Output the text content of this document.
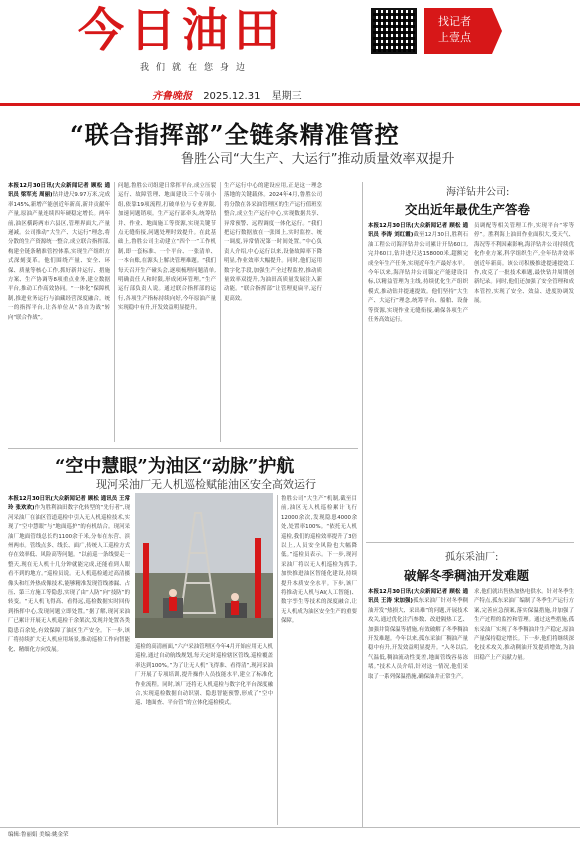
今日油田
我们就在您身边
找记者
上壹点
齐鲁晚报 2025.12.31 星期三
“联合指挥部”全链条精准管控
鲁胜公司“大生产、大运行”推动质量效率双提升
本报12月30日讯(大众新闻记者 顾松 通讯员 梁军光 周丽)钻井进尺9.97万米,完成率145%,新增产能创近年新高,新井贡献年产量,原油产量连续四年硬稳定增长。两年前,油区横跨两市六县区,管理界面大,产量递减。公司推动“大生产、大运行”理念,将分散的生产资源统一整合,成立联合指挥部,构建全链条精准管控体系,实现生产组织方式深刻变革。他们围绕产量、安全、环保、质量等核心工作,抓好新井运行、措施方案、生产协调等8项重点业务,建立数据平台,推动工作高效协同。“一体化”保障机制,推进业务运行与油藏经营深度融合。统一的指挥平台,让各单位从“各自为战”转向“联合作战”。
问题,鲁胜公司组建日常挥平台,成立压裂运行、故障管理、地面建设三个专项小组,依靠19项流程,打破单位与专业界限,加速问题销项。生产运行部牵头,统筹钻井、作业、地面施工等资源,实现关键节点无缝衔接,问题处理时效提升。在此基础上,鲁胜公司主动建立“四个一”工作机制,即一套标准、一个平台、一张清单、一本台账,在源头上解决管理难题。“我们每天召开生产碰头会,逐项梳理问题清单,明确责任人和时限,形成闭环管理。”生产运行部负责人说。通过联合指挥部的运行,各项生产指标持续向好,今年原油产量实现稳中有升,开发效益明显提升。
生产运行中心的建设应用,正是这一理念落地的关键载体。2024年4月,鲁胜公司将分散在各采油管理区的生产运行值班室整合,成立生产运行中心,实现数据共享、异常预警、远程调度一体化运行。“我们把运行数据放在一张图上,实时监控、统一调度,异常情况第一时间处置。”中心负责人介绍,中心运行以来,设备故障率下降明显,作业效率大幅提升。同时,他们运用数字化手段,加强生产全过程监控,推动质量效率双提升,为油田高质量发展注入新动能。“联合指挥部”让管理更扁平,运行更高效。
“空中慧眼”为油区“动脉”护航
现河采油厂无人机巡检赋能油区安全高效运行
本报12月30日讯(大众新闻记者 顾松 通讯员 王常玲 张欢欢)作为胜利油田数字化转型的“先行者”,现河采油厂在油区管道巡检中引入无人机巡检技术,实现了“空中慧眼”与“地面巡护”的有机结合。现河采油厂地面管线总长约1100余千米,分布在东营、滨州两市。管线点多、线长、面广,传统人工巡检方式存在效率低、风险高等问题。“以前巡一条线要走一整天,现在无人机十几分钟就能完成,还能看到人眼看不到的地方。”巡检员说。无人机巡检通过高清摄像头和红外热成像技术,能够精准发现管线渗漏、占压、第三方施工等隐患,实现了由“人防”向“技防”的转变。“无人机飞得高、看得远,巡检数据实时回传到指挥中心,发现问题立即处置。”据了解,现河采油厂已累计开展无人机巡检千余架次,发现并处置各类隐患百余处,有效保障了油区生产安全。下一步,该厂将持续扩大无人机应用场景,推动巡检工作向智能化、精细化方向发展。	巡检的高清画面,“六户采油管理区今年4月开始应用无人机巡检,通过自动航线规划,每天定时巡检辖区管线,巡检覆盖率达到100%。”为了让无人机“飞得准、看得清”,现河采油厂开展了专项培训,提升操作人员技能水平,建立了标准化作业流程。同时,该厂还将无人机巡检与数字化平台深度融合,实现巡检数据自动识别、隐患智能预警,形成了“空中巡、地面查、平台管”的立体化巡检模式。
鲁胜公司“大生产”机制,截至目前,油区无人机巡检累计飞行12000余次,发现隐患4000余处,处置率100%。“依托无人机巡检,我们的巡检效率提升了3倍以上,人员安全风险也大幅降低。”巡检员表示。下一步,现河采油厂将以无人机巡检为抓手,加快推进油区智能化建设,持续提升本质安全水平。下步,该厂将推动无人机与AI(人工智能)、数字孪生等技术的深度融合,让无人机成为油区安全生产的重要保障。
海洋钻井公司:
交出近年最优生产答卷
本报12月30日讯(大众新闻记者 顾松 通讯员 李涛 刘红霞)截至12月30日,胜利石油工程公司海洋钻井公司累计开钻60口,完井60口,钻井进尺达158000米,超额完成全年生产任务,实现近年生产最好水平。今年以来,海洋钻井公司锚定产能建设目标,以精益管理为主线,持续优化生产组织模式,推动钻井提速提效。他们坚持“大生产、大运行”理念,统筹平台、船舶、设备等资源,实现作业无缝衔接,确保各项生产任务高效运行。
员调配等相关管理工作,实现平台“零等停”。胜利海上油田作业面积大,受天气、海况等不利因素影响,海洋钻井公司持续优化作业方案,科学组织生产,全年钻井效率创近年新高。该公司积极推进提速提效工作,攻克了一批技术难题,最快钻井周期创新纪录。同时,他们还加强了安全管理和成本管控,实现了安全、效益、进度协调发展。
孤东采油厂:
破解冬季稠油开发难题
本报12月30日讯(大众新闻记者 顾松 通讯员 王涛 宋加强)孤东采油厂针对冬季稠油开发“热损大、采出难”的问题,开展技术攻关,通过优化注汽参数、改进隔热工艺、加强井筒保温等措施,有效破解了冬季稠油开发难题。今年以来,孤东采油厂稠油产量稳中有升,开发效益明显提升。“入冬以后,气温低,稠油流动性变差,地面管线容易冻堵。”技术人员介绍,针对这一情况,他们采取了一系列保温措施,确保油井正常生产。
求,他们就出售热加热电供水。针对冬季生产特点,孤东采油厂编制了冬季生产运行方案,完善应急预案,落实保温措施,并加强了生产过程的监控和管理。通过这些措施,孤东采油厂实现了冬季稠油井生产稳定,原油产量保持稳定增长。下一步,他们将继续深化技术攻关,推动稠油开发提质增效,为油田稳产上产贡献力量。
编辑:鲁丽娟 美编:姚金荣
